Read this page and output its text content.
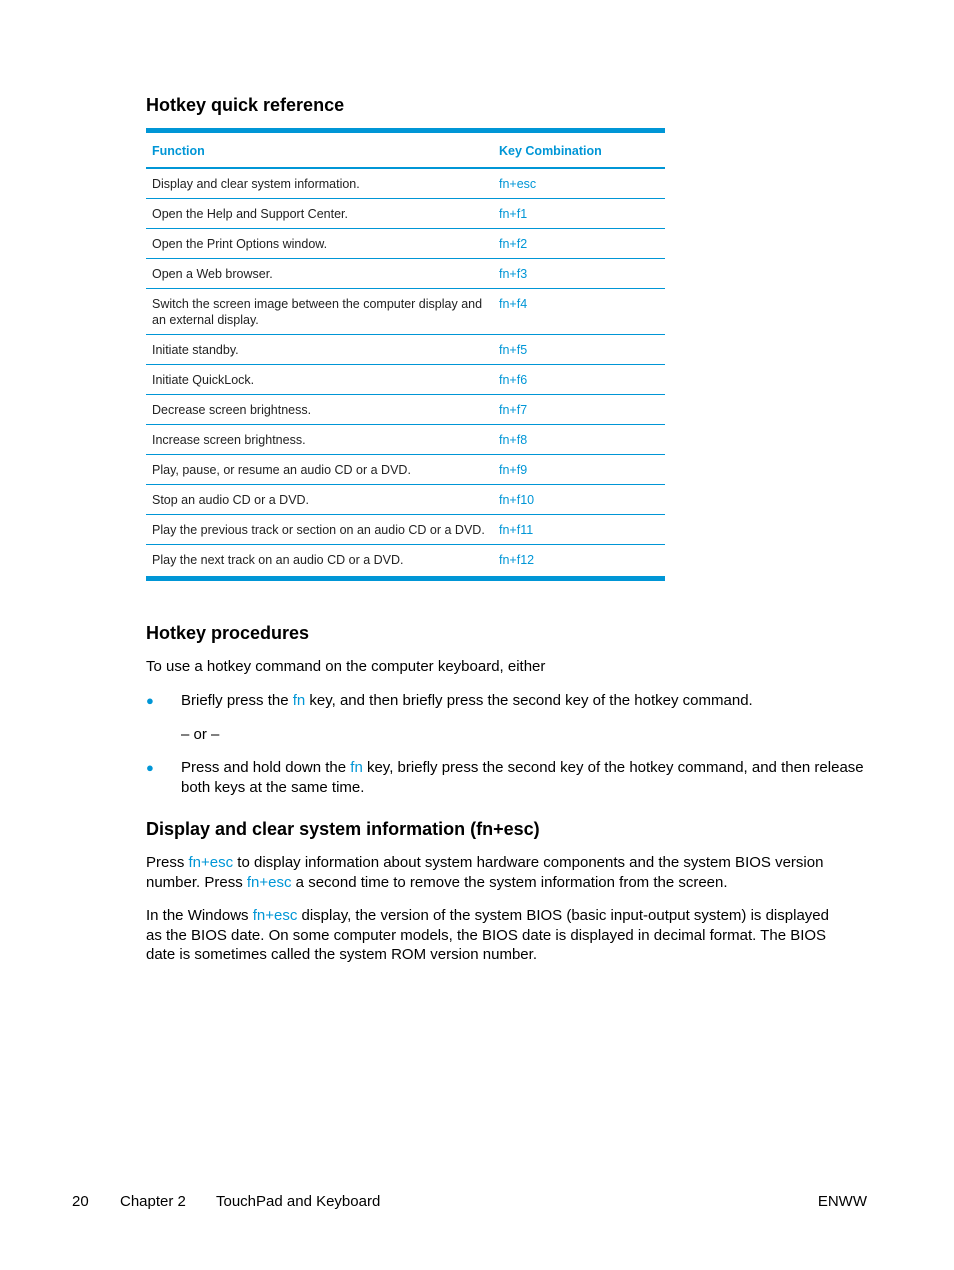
Hotkey quick reference
Function	Key Combination
Display and clear system information.	fn+esc
Open the Help and Support Center.	fn+f1
Open the Print Options window.	fn+f2
Open a Web browser.	fn+f3
Switch the screen image between the computer display and an external display.	fn+f4
Initiate standby.	fn+f5
Initiate QuickLock.	fn+f6
Decrease screen brightness.	fn+f7
Increase screen brightness.	fn+f8
Play, pause, or resume an audio CD or a DVD.	fn+f9
Stop an audio CD or a DVD.	fn+f10
Play the previous track or section on an audio CD or a DVD.	fn+f11
Play the next track on an audio CD or a DVD.	fn+f12
Hotkey procedures

To use a hotkey command on the computer keyboard, either

● Briefly press the fn key, and then briefly press the second key of the hotkey command.
– or –
● Press and hold down the fn key, briefly press the second key of the hotkey command, and then release both keys at the same time.
Display and clear system information (fn+esc)

Press fn+esc to display information about system hardware components and the system BIOS version number. Press fn+esc a second time to remove the system information from the screen.

In the Windows fn+esc display, the version of the system BIOS (basic input-output system) is displayed as the BIOS date. On some computer models, the BIOS date is displayed in decimal format. The BIOS date is sometimes called the system ROM version number.

20 Chapter 2 TouchPad and Keyboard	ENWW
